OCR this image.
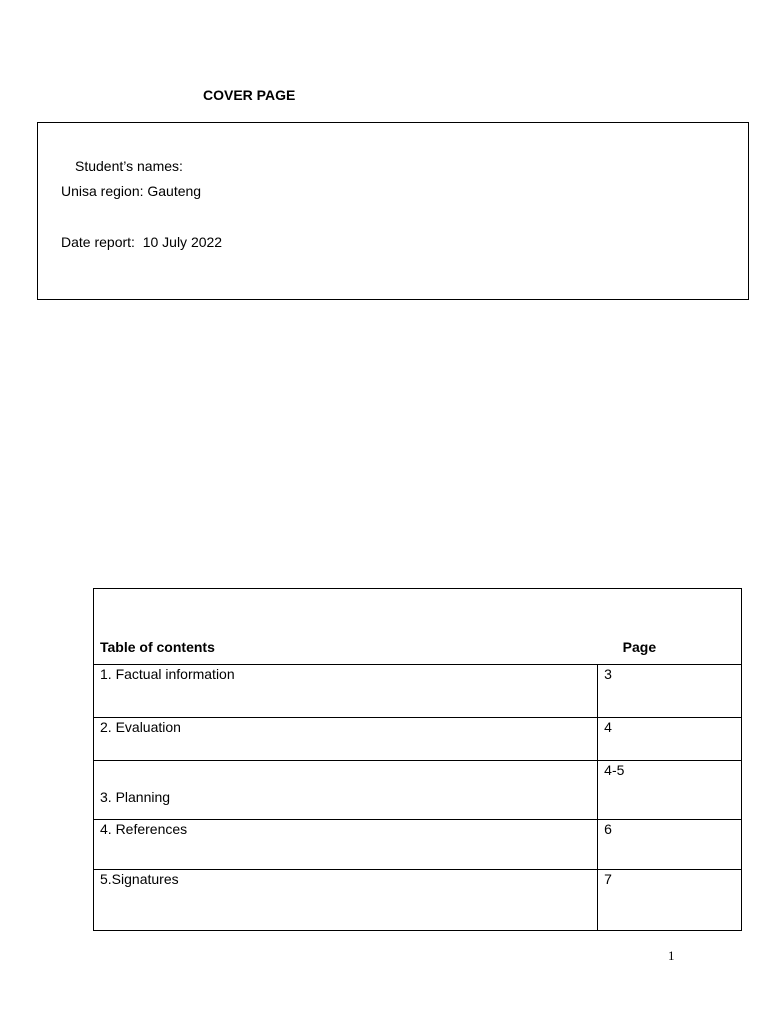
COVER PAGE
Student’s names:
Unisa region: Gauteng
Date report:  10 July 2022
Table of contents	Page
1. Factual information	3
2. Evaluation	4
3. Planning	4-5
4. References	6
5.Signatures	7
1
